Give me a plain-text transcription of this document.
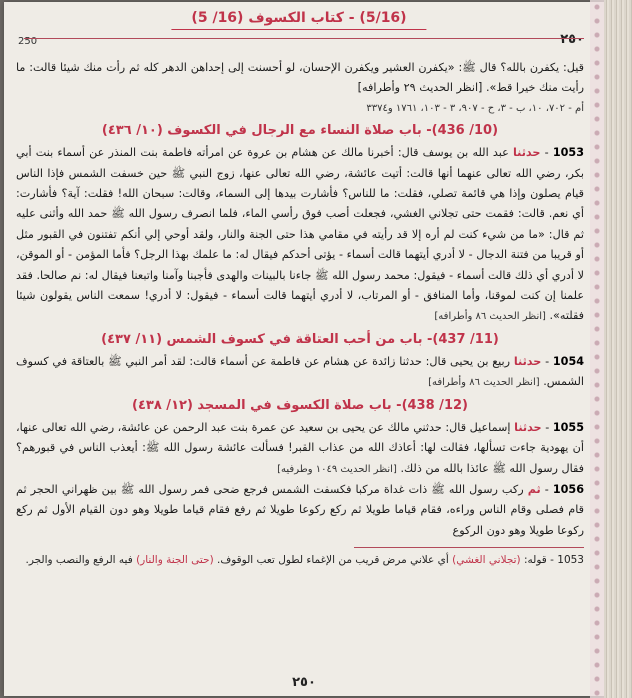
٢٥٠
250
(5/16) - كتاب الكسوف (16/ 5)

قيل: يكفرن بالله؟ قال ﷺ: «يكفرن العشير ويكفرن الإحسان، لو أحسنت إلى إحداهن الدهر كله ثم رأت منك شيئا قالت: ما رأيت منك خيرا قط». [انظر الحديث ٢٩ وأطرافه]

أم - ٧٠٢، ١٠، ب - ٣، ح - ٩٠٧، ٣ - ١٠٣، ١٧٦١ و٣٣٧٤

(10/ 436)- باب صلاة النساء مع الرجال في الكسوف (١٠/ ٤٣٦)

1053 - حدثنا عبد الله بن يوسف قال: أخبرنا مالك عن هشام بن عروة عن امرأته فاطمة بنت المنذر عن أسماء بنت أبي بكر، رضي الله تعالى عنهما أنها قالت: أتيت عائشة، رضي الله تعالى عنها، زوج النبي ﷺ حين خسفت الشمس فإذا الناس قيام يصلون وإذا هي قائمة تصلي، فقلت: ما للناس؟ فأشارت بيدها إلى السماء، وقالت: سبحان الله! فقلت: آية؟ فأشارت: أي نعم. قالت: فقمت حتى تجلاني الغشي، فجعلت أصب فوق رأسي الماء، فلما انصرف رسول الله ﷺ حمد الله وأثنى عليه ثم قال: «ما من شيء كنت لم أره إلا قد رأيته في مقامي هذا حتى الجنة والنار، ولقد أوحي إلي أنكم تفتنون في القبور مثل أو قريبا من فتنة الدجال - لا أدري أيتهما قالت أسماء - يؤتى أحدكم فيقال له: ما علمك بهذا الرجل؟ فأما المؤمن - أو الموقن، لا أدري أي ذلك قالت أسماء - فيقول: محمد رسول الله ﷺ جاءنا بالبينات والهدى فأجبنا وآمنا واتبعنا فيقال له: نم صالحا. فقد علمنا إن كنت لموقنا، وأما المنافق - أو المرتاب، لا أدري أيتهما قالت أسماء - فيقول: لا أدري! سمعت الناس يقولون شيئا فقلته». [انظر الحديث ٨٦ وأطرافه]

(11/ 437)- باب من أحب العتاقة في كسوف الشمس (١١/ ٤٣٧)

1054 - حدثنا ربيع بن يحيى قال: حدثنا زائدة عن هشام عن فاطمة عن أسماء قالت: لقد أمر النبي ﷺ بالعتاقة في كسوف الشمس. [انظر الحديث ٨٦ وأطرافه]

(12/ 438)- باب صلاة الكسوف في المسجد (١٢/ ٤٣٨)

1055 - حدثنا إسماعيل قال: حدثني مالك عن يحيى بن سعيد عن عمرة بنت عبد الرحمن عن عائشة، رضي الله تعالى عنها، أن يهودية جاءت تسألها، فقالت لها: أعاذك الله من عذاب القبر! فسألت عائشة رسول الله ﷺ: أيعذب الناس في قبورهم؟ فقال رسول الله ﷺ عائذا بالله من ذلك. [انظر الحديث ١٠٤٩ وطرفيه]

1056 - ثم ركب رسول الله ﷺ ذات غداة مركبا فكسفت الشمس فرجع ضحى فمر رسول الله ﷺ بين ظهراني الحجر ثم قام فصلى وقام الناس وراءه، فقام قياما طويلا ثم ركع ركوعا طويلا ثم رفع فقام قياما طويلا وهو دون القيام الأول ثم ركع ركوعا طويلا وهو دون الركوع

1053 - قوله: (تجلاني الغشي) أي علاني مرض قريب من الإغماء لطول تعب الوقوف. (حتى الجنة والنار) فيه الرفع والنصب والجر.

٢٥٠
